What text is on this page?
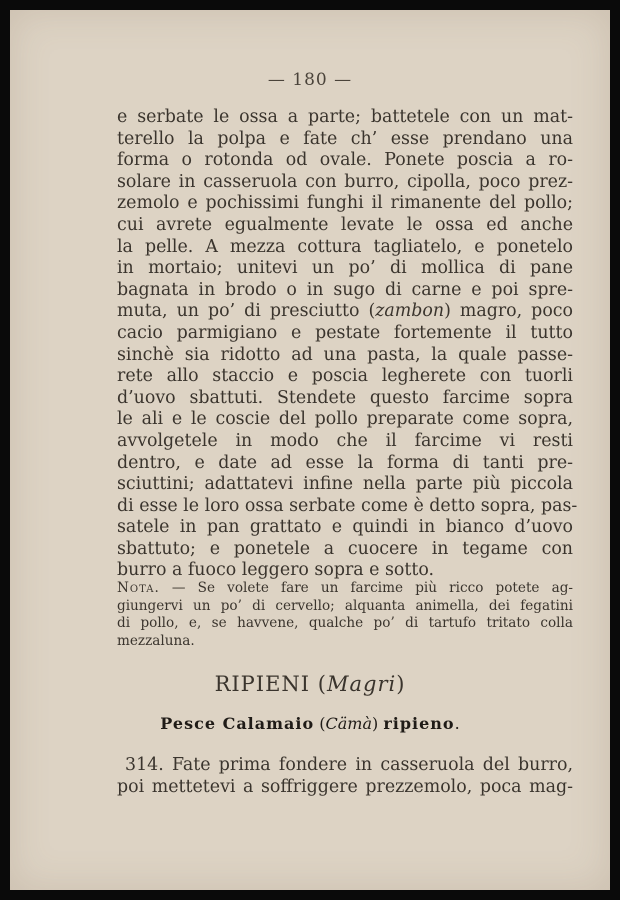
— 180 —
e serbate le ossa a parte; battetele con un mat-
terello la polpa e fate ch’ esse prendano una
forma o rotonda od ovale. Ponete poscia a ro-
solare in casseruola con burro, cipolla, poco prez-
zemolo e pochissimi funghi il rimanente del pollo;
cui avrete egualmente levate le ossa ed anche
la pelle. A mezza cottura tagliatelo, e ponetelo
in mortaio; unitevi un po’ di mollica di pane
bagnata in brodo o in sugo di carne e poi spre-
muta, un po’ di presciutto (zambon) magro, poco
cacio parmigiano e pestate fortemente il tutto
sinchè sia ridotto ad una pasta, la quale passe-
rete allo staccio e poscia legherete con tuorli
d’uovo sbattuti. Stendete questo farcime sopra
le ali e le coscie del pollo preparate come sopra,
avvolgetele in modo che il farcime vi resti
dentro, e date ad esse la forma di tanti pre-
sciuttini; adattatevi infine nella parte più piccola
di esse le loro ossa serbate come è detto sopra, pas-
satele in pan grattato e quindi in bianco d’uovo
sbattuto; e ponetele a cuocere in tegame con
burro a fuoco leggero sopra e sotto.
Nota. — Se volete fare un farcime più ricco potete ag-
giungervi un po’ di cervello; alquanta animella, dei fegatini
di pollo, e, se havvene, qualche po’ di tartufo tritato colla
mezzaluna.
RIPIENI (Magri)
Pesce Calamaio (Cämà) ripieno.
314. Fate prima fondere in casseruola del burro,
poi mettetevi a soffriggere prezzemolo, poca mag-
